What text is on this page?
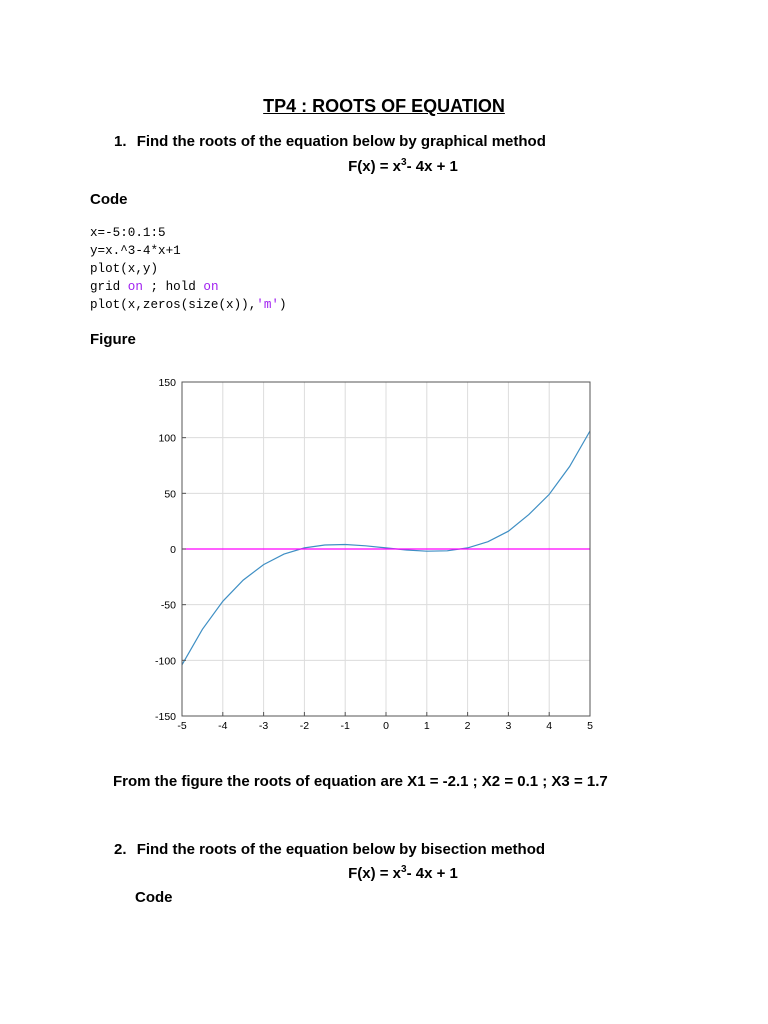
TP4 : ROOTS OF EQUATION
1. Find the roots of the equation below by graphical method
$F(x) = x^3-$ 4x + 1
Code
x=-5:0.1:5
y=x.^3-4*x+1
plot(x,y)
grid on ; hold on
plot(x,zeros(size(x)),'m')
Figure
-5	-4	-3	-2	-1	0	1	2	3	4	5
-150
-100
-50
0
50
100
150
From the figure the roots of equation are X1 = -2.1 ; X2 = 0.1 ; X3 = 1.7
2. Find the roots of the equation below by bisection method
$F(x) = x^3-$ 4x + 1
Code
